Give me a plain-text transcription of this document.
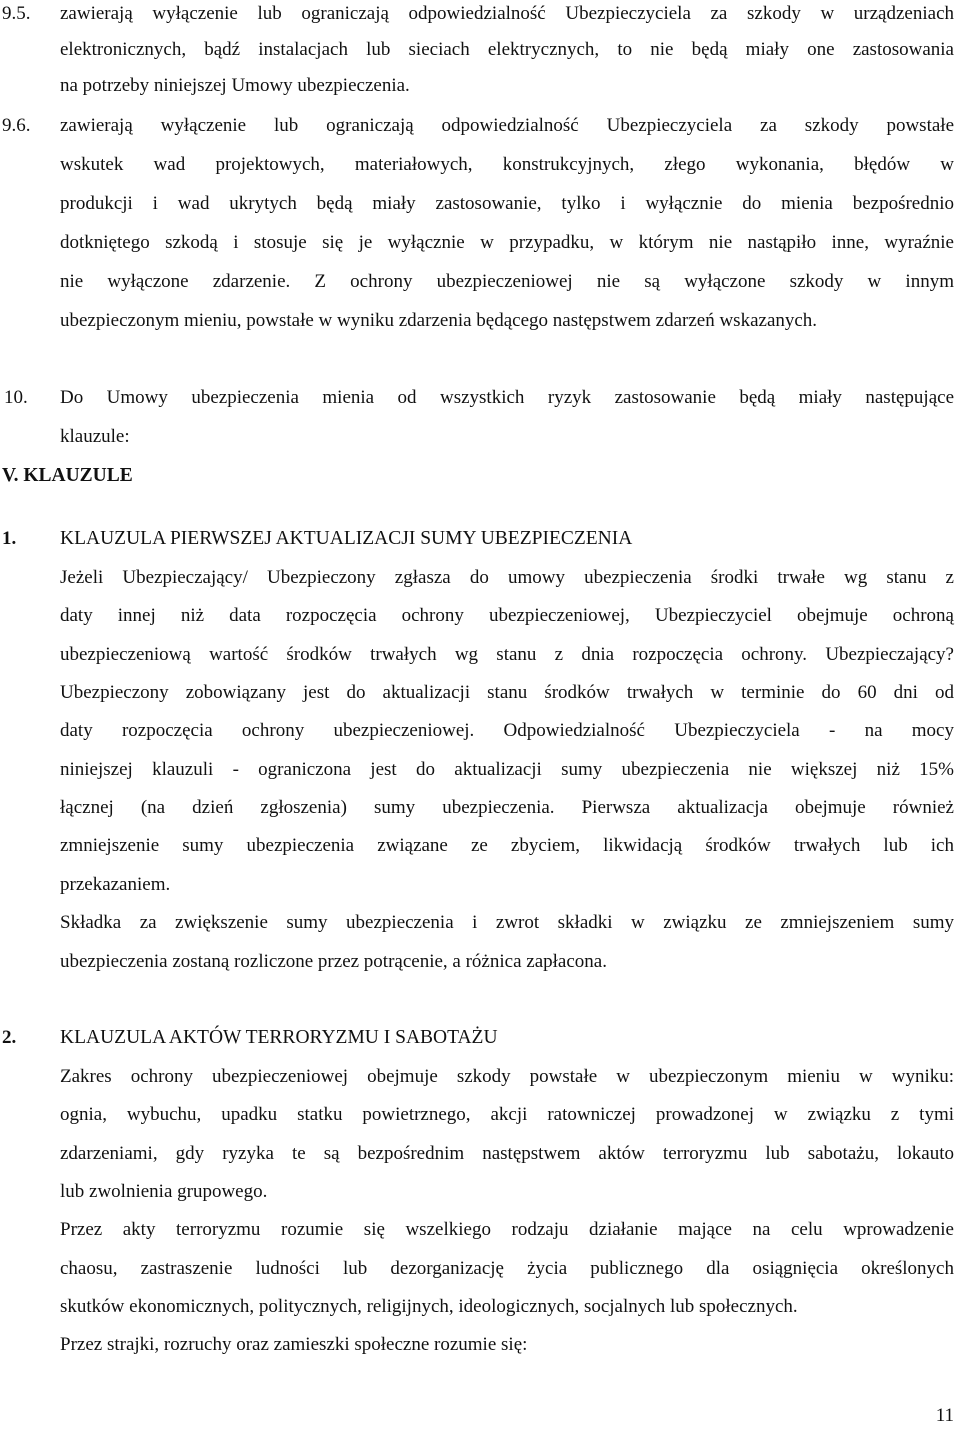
9.5. zawierają wyłączenie lub ograniczają odpowiedzialność Ubezpieczyciela za szkody w urządzeniach
elektronicznych, bądź instalacjach lub sieciach elektrycznych, to nie będą miały one zastosowania
na potrzeby niniejszej Umowy ubezpieczenia.
9.6. zawierają wyłączenie lub ograniczają odpowiedzialność Ubezpieczyciela za szkody powstałe
wskutek wad projektowych, materiałowych, konstrukcyjnych, złego wykonania, błędów w
produkcji i wad ukrytych będą miały zastosowanie, tylko i wyłącznie do mienia bezpośrednio
dotkniętego szkodą i stosuje się je wyłącznie w przypadku, w którym nie nastąpiło inne, wyraźnie
nie wyłączone zdarzenie. Z ochrony ubezpieczeniowej nie są wyłączone szkody w innym
ubezpieczonym mieniu, powstałe w wyniku zdarzenia będącego następstwem zdarzeń wskazanych.
10. Do Umowy ubezpieczenia mienia od wszystkich ryzyk zastosowanie będą miały następujące
klauzule:
V. KLAUZULE
1. KLAUZULA PIERWSZEJ AKTUALIZACJI SUMY UBEZPIECZENIA
Jeżeli Ubezpieczający/ Ubezpieczony zgłasza do umowy ubezpieczenia środki trwałe wg stanu z
daty innej niż data rozpoczęcia ochrony ubezpieczeniowej, Ubezpieczyciel obejmuje ochroną
ubezpieczeniową wartość środków trwałych wg stanu z dnia rozpoczęcia ochrony. Ubezpieczający?
Ubezpieczony zobowiązany jest do aktualizacji stanu środków trwałych w terminie do 60 dni od
daty rozpoczęcia ochrony ubezpieczeniowej. Odpowiedzialność Ubezpieczyciela - na mocy
niniejszej klauzuli - ograniczona jest do aktualizacji sumy ubezpieczenia nie większej niż 15%
łącznej (na dzień zgłoszenia) sumy ubezpieczenia. Pierwsza aktualizacja obejmuje również
zmniejszenie sumy ubezpieczenia związane ze zbyciem, likwidacją środków trwałych lub ich
przekazaniem.
Składka za zwiększenie sumy ubezpieczenia i zwrot składki w związku ze zmniejszeniem sumy
ubezpieczenia zostaną rozliczone przez potrącenie, a różnica zapłacona.
2. KLAUZULA AKTÓW TERRORYZMU I SABOTAŻU
Zakres ochrony ubezpieczeniowej obejmuje szkody powstałe w ubezpieczonym mieniu w wyniku:
ognia, wybuchu, upadku statku powietrznego, akcji ratowniczej prowadzonej w związku z tymi
zdarzeniami, gdy ryzyka te są bezpośrednim następstwem aktów terroryzmu lub sabotażu, lokauto
lub zwolnienia grupowego.
Przez akty terroryzmu rozumie się wszelkiego rodzaju działanie mające na celu wprowadzenie
chaosu, zastraszenie ludności lub dezorganizację życia publicznego dla osiągnięcia określonych
skutków ekonomicznych, politycznych, religijnych, ideologicznych, socjalnych lub społecznych.
Przez strajki, rozruchy oraz zamieszki społeczne rozumie się:
11
